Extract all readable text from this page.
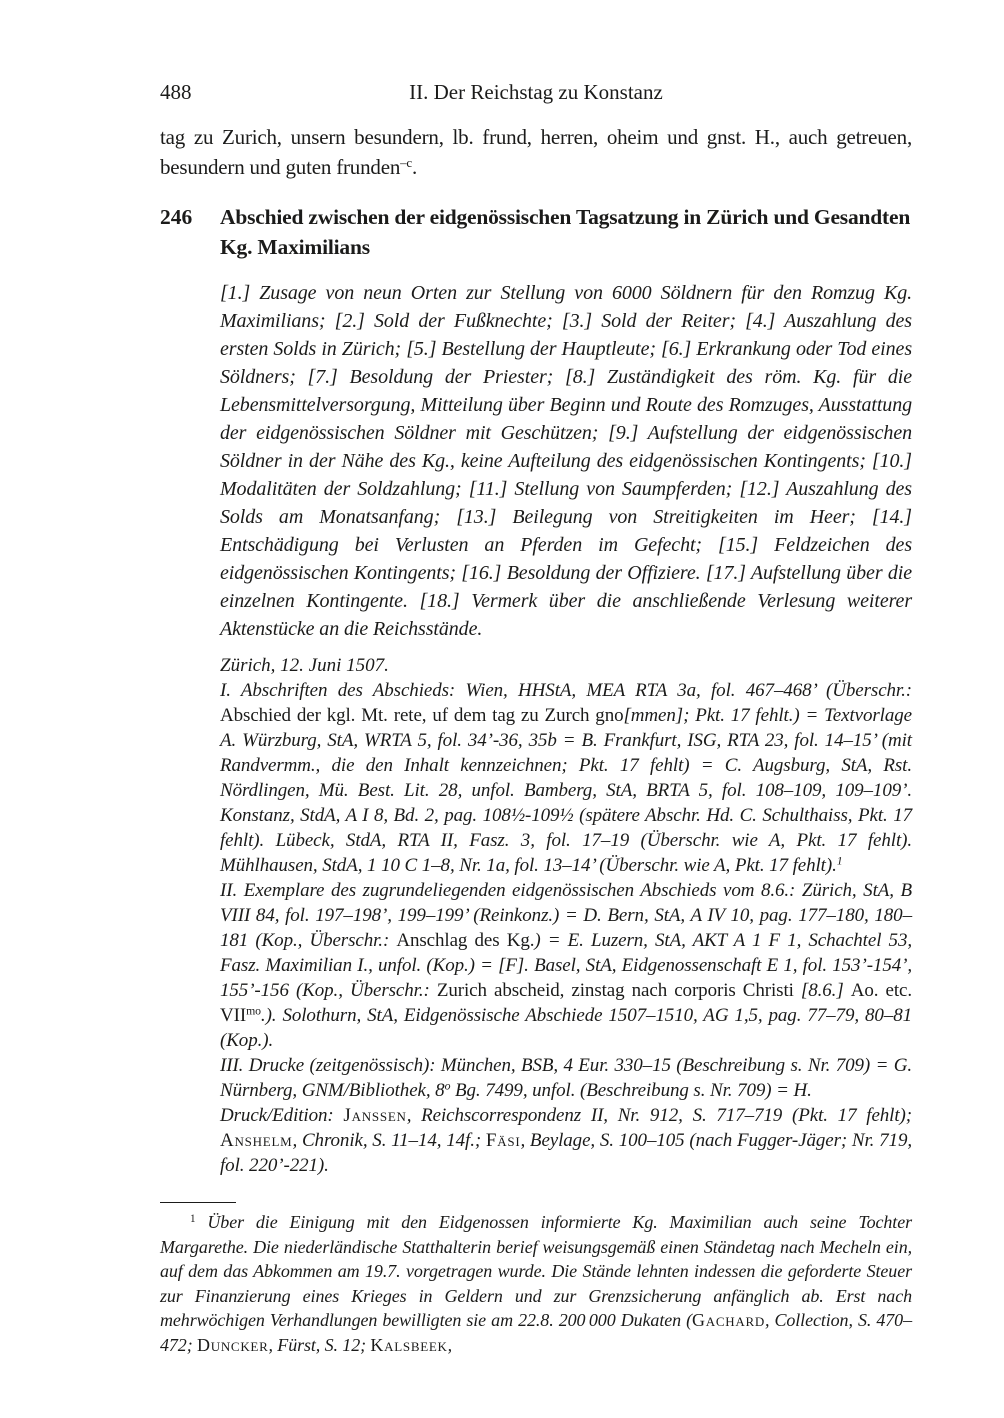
488	II. Der Reichstag zu Konstanz

tag zu Zurich, unsern besundern, lb. frund, herren, oheim und gnst. H., auch getreuen, besundern und guten frunden$^{-c}$.

246 Abschied zwischen der eidgenössischen Tagsatzung in Zürich und Gesandten Kg. Maximilians

[1.] Zusage von neun Orten zur Stellung von 6000 Söldnern für den Romzug Kg. Maximilians; [2.] Sold der Fußknechte; [3.] Sold der Reiter; [4.] Auszahlung des ersten Solds in Zürich; [5.] Bestellung der Hauptleute; [6.] Erkrankung oder Tod eines Söldners; [7.] Besoldung der Priester; [8.] Zuständigkeit des röm. Kg. für die Lebensmittelversorgung, Mitteilung über Beginn und Route des Romzuges, Ausstattung der eidgenössischen Söldner mit Geschützen; [9.] Aufstellung der eidgenössischen Söldner in der Nähe des Kg., keine Aufteilung des eidgenössischen Kontingents; [10.] Modalitäten der Soldzahlung; [11.] Stellung von Saumpferden; [12.] Auszahlung des Solds am Monatsanfang; [13.] Beilegung von Streitigkeiten im Heer; [14.] Entschädigung bei Verlusten an Pferden im Gefecht; [15.] Feldzeichen des eidgenössischen Kontingents; [16.] Besoldung der Offiziere. [17.] Aufstellung über die einzelnen Kontingente. [18.] Vermerk über die anschließende Verlesung weiterer Aktenstücke an die Reichsstände.

Zürich, 12. Juni 1507.

I. Abschriften des Abschieds: Wien, HHStA, MEA RTA 3a, fol. 467–468’ (Überschr.: Abschied der kgl. Mt. rete, uf dem tag zu Zurch gno[mmen]; Pkt. 17 fehlt.) = Textvorlage A. Würzburg, StA, WRTA 5, fol. 34’-36, 35b = B. Frankfurt, ISG, RTA 23, fol. 14–15’ (mit Randvermm., die den Inhalt kennzeichnen; Pkt. 17 fehlt) = C. Augsburg, StA, Rst. Nördlingen, Mü. Best. Lit. 28, unfol. Bamberg, StA, BRTA 5, fol. 108–109, 109–109’. Konstanz, StdA, A I 8, Bd. 2, pag. 108½-109½ (spätere Abschr. Hd. C. Schulthaiss, Pkt. 17 fehlt). Lübeck, StdA, RTA II, Fasz. 3, fol. 17–19 (Überschr. wie A, Pkt. 17 fehlt). Mühlhausen, StdA, 1 10 C 1–8, Nr. 1a, fol. 13–14’ (Überschr. wie A, Pkt. 17 fehlt).$^1$

II. Exemplare des zugrundeliegenden eidgenössischen Abschieds vom 8.6.: Zürich, StA, B VIII 84, fol. 197–198’, 199–199’ (Reinkonz.) = D. Bern, StA, A IV 10, pag. 177–180, 180–181 (Kop., Überschr.: Anschlag des Kg.) = E. Luzern, StA, AKT A 1 F 1, Schachtel 53, Fasz. Maximilian I., unfol. (Kop.) = [F]. Basel, StA, Eidgenossenschaft E 1, fol. 153’-154’, 155’-156 (Kop., Überschr.: Zurich abscheid, zinstag nach corporis Christi [8.6.] Ao. etc. $VII^{mo}$.). Solothurn, StA, Eidgenössische Abschiede 1507–1510, AG 1,5, pag. 77–79, 80–81 (Kop.).

III. Drucke (zeitgenössisch): München, BSB, 4 Eur. 330–15 (Beschreibung s. Nr. 709) = G. Nürnberg, GNM/Bibliothek, 8$^o$ Bg. 7499, unfol. (Beschreibung s. Nr. 709) = H.

Druck/Edition: Janssen, Reichscorrespondenz II, Nr. 912, S. 717–719 (Pkt. 17 fehlt); Anshelm, Chronik, S. 11–14, 14f.; Fäsi, Beylage, S. 100–105 (nach Fugger-Jäger; Nr. 719, fol. 220’-221).

$^1$ Über die Einigung mit den Eidgenossen informierte Kg. Maximilian auch seine Tochter Margarethe. Die niederländische Statthalterin berief weisungsgemäß einen Ständetag nach Mecheln ein, auf dem das Abkommen am 19.7. vorgetragen wurde. Die Stände lehnten indessen die geforderte Steuer zur Finanzierung eines Krieges in Geldern und zur Grenzsicherung anfänglich ab. Erst nach mehrwöchigen Verhandlungen bewilligten sie am 22.8. 200 000 Dukaten (Gachard, Collection, S. 470–472; Duncker, Fürst, S. 12; Kalsbeek,
